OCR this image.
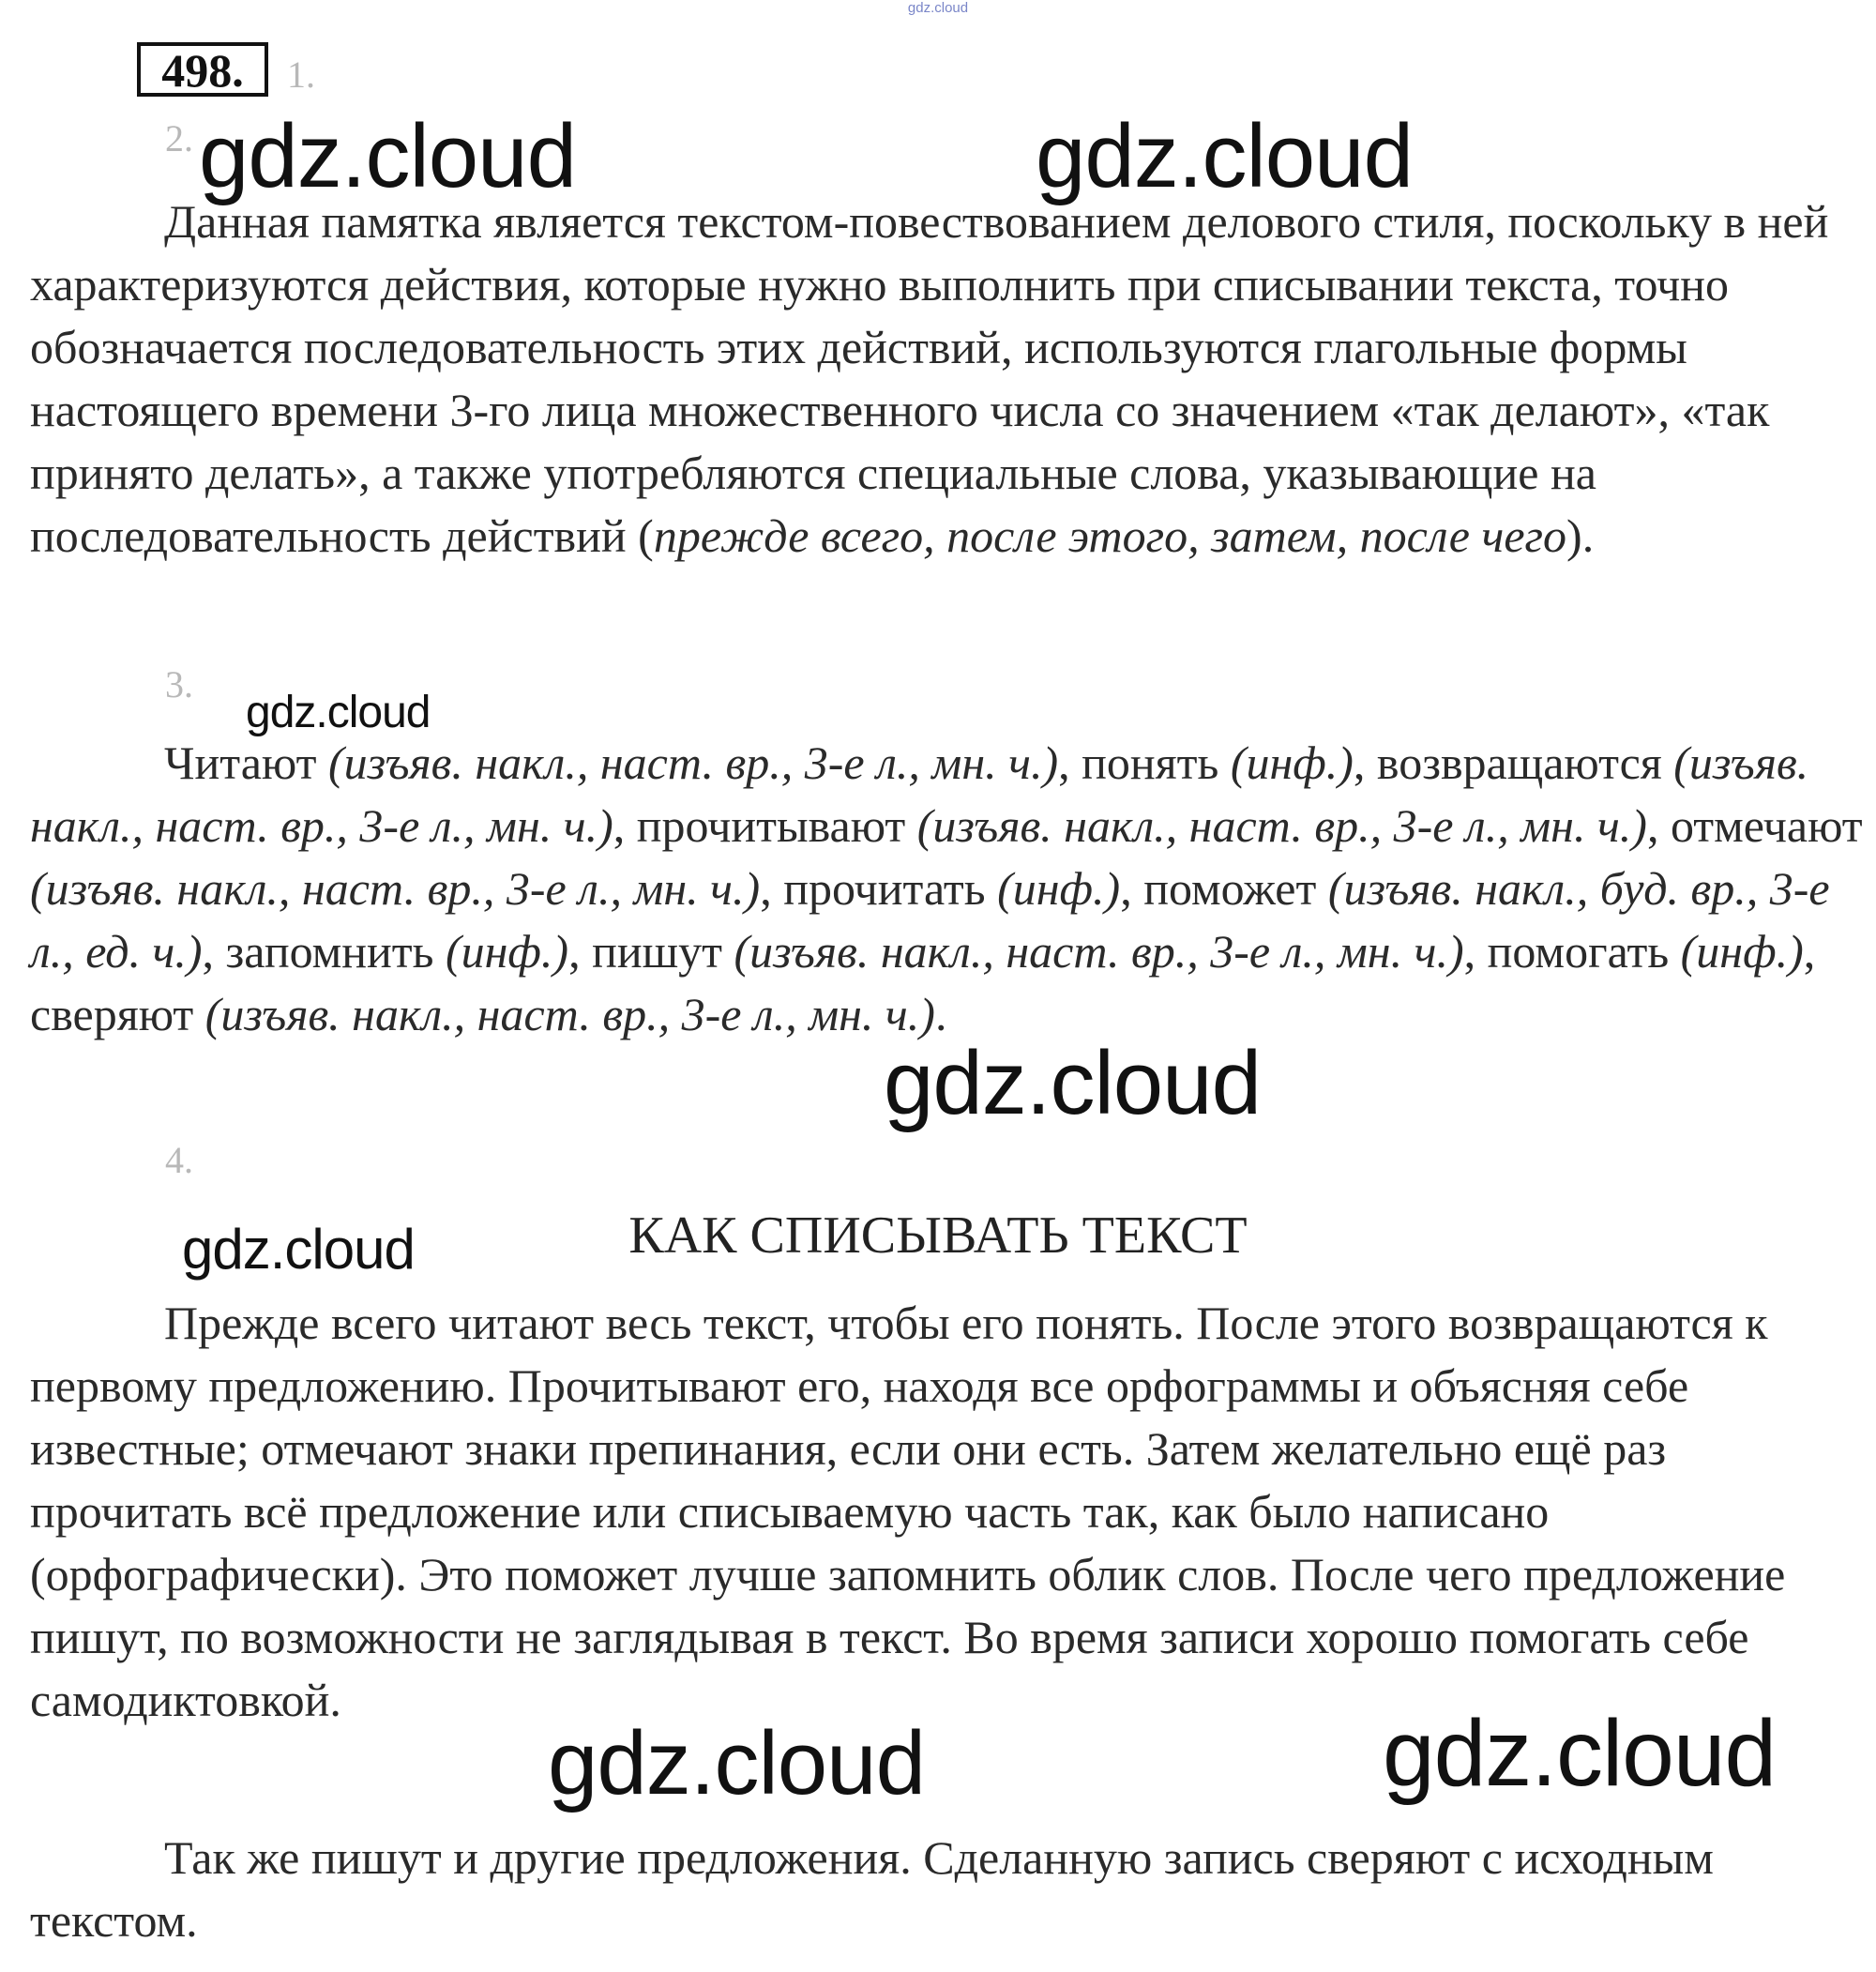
gdz.cloud
498.	1.
2.
Данная памятка является текстом-повествованием делового стиля, поскольку в ней характеризуются действия, которые нужно выполнить при списывании текста, точно обозначается последовательность этих действий, используются глагольные формы настоящего времени 3-го лица множественного числа со значением «так делают», «так принято делать», а также употребляются специальные слова, указывающие на последовательность действий (прежде всего, после этого, затем, после чего).
3.
Читают (изъяв. накл., наст. вр., 3-е л., мн. ч.), понять (инф.), возвращаются (изъяв. накл., наст. вр., 3-е л., мн. ч.), прочитывают (изъяв. накл., наст. вр., 3-е л., мн. ч.), отмечают (изъяв. накл., наст. вр., 3-е л., мн. ч.), прочитать (инф.), поможет (изъяв. накл., буд. вр., 3-е л., ед. ч.), запомнить (инф.), пишут (изъяв. накл., наст. вр., 3-е л., мн. ч.), помогать (инф.), сверяют (изъяв. накл., наст. вр., 3-е л., мн. ч.).
4.
КАК СПИСЫВАТЬ ТЕКСТ
Прежде всего читают весь текст, чтобы его понять. После этого возвращаются к первому предложению. Прочитывают его, находя все орфограммы и объясняя себе известные; отмечают знаки препинания, если они есть. Затем желательно ещё раз прочитать всё предложение или списываемую часть так, как было написано (орфографически). Это поможет лучше запомнить облик слов. После чего предложение пишут, по возможности не заглядывая в текст. Во время записи хорошо помогать себе самодиктовкой.
Так же пишут и другие предложения. Сделанную запись сверяют с исходным текстом.
gdz.cloud	gdz.cloud
gdz.cloud
gdz.cloud
gdz.cloud
gdz.cloud	gdz.cloud
